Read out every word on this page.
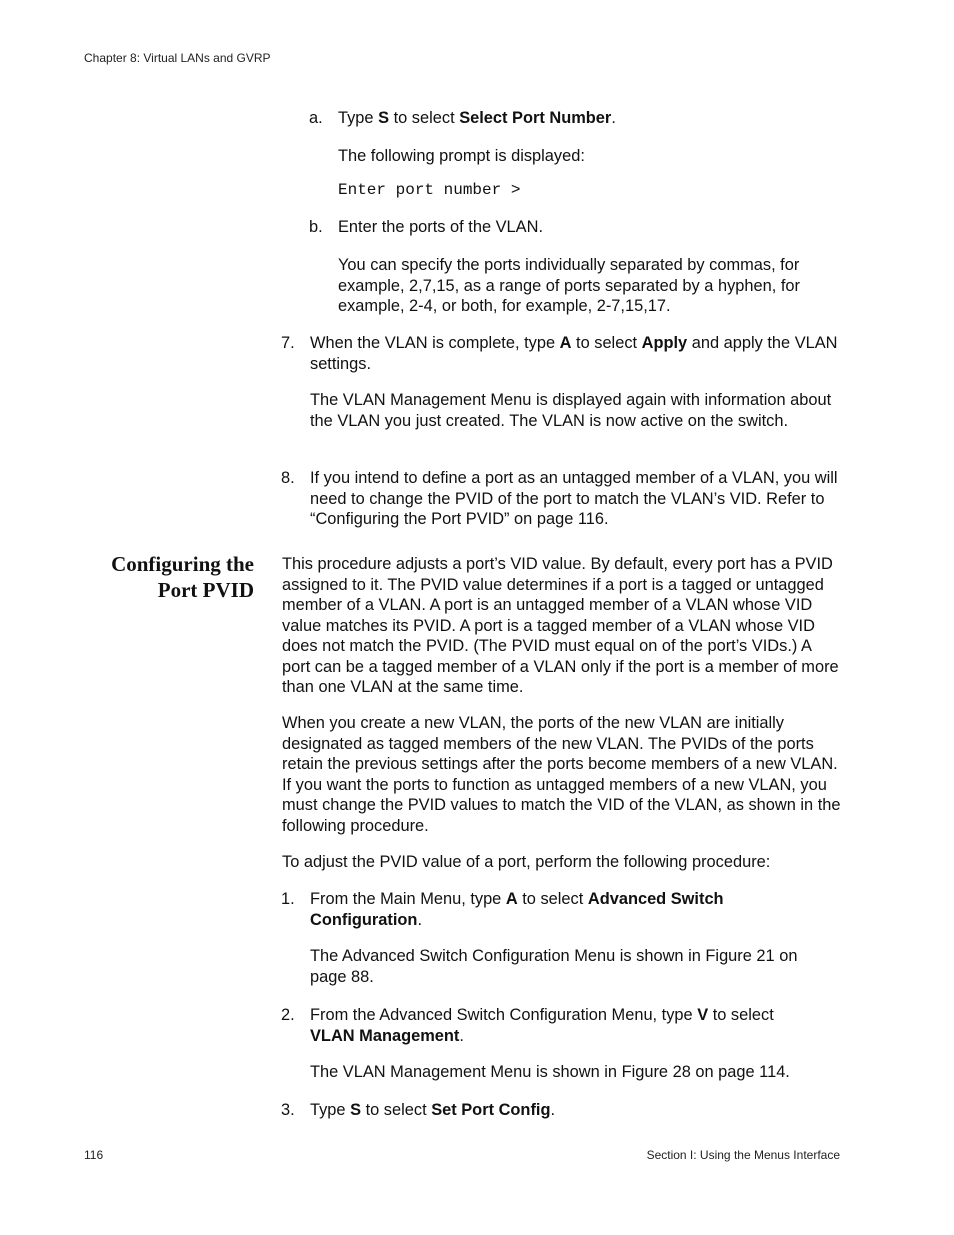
Chapter 8: Virtual LANs and GVRP
a. Type S to select Select Port Number.

The following prompt is displayed:

Enter port number >
b. Enter the ports of the VLAN.

You can specify the ports individually separated by commas, for example, 2,7,15, as a range of ports separated by a hyphen, for example, 2-4, or both, for example, 2-7,15,17.

7. When the VLAN is complete, type A to select Apply and apply the VLAN settings.

The VLAN Management Menu is displayed again with information about the VLAN you just created. The VLAN is now active on the switch.

8. If you intend to define a port as an untagged member of a VLAN, you will need to change the PVID of the port to match the VLAN’s VID. Refer to “Configuring the Port PVID” on page 116.

Configuring the
Port PVID

This procedure adjusts a port’s VID value. By default, every port has a PVID assigned to it. The PVID value determines if a port is a tagged or untagged member of a VLAN. A port is an untagged member of a VLAN whose VID value matches its PVID. A port is a tagged member of a VLAN whose VID does not match the PVID. (The PVID must equal on of the port’s VIDs.) A port can be a tagged member of a VLAN only if the port is a member of more than one VLAN at the same time.

When you create a new VLAN, the ports of the new VLAN are initially designated as tagged members of the new VLAN. The PVIDs of the ports retain the previous settings after the ports become members of a new VLAN. If you want the ports to function as untagged members of a new VLAN, you must change the PVID values to match the VID of the VLAN, as shown in the following procedure.

To adjust the PVID value of a port, perform the following procedure:

1. From the Main Menu, type A to select Advanced Switch Configuration.

The Advanced Switch Configuration Menu is shown in Figure 21 on page 88.

2. From the Advanced Switch Configuration Menu, type V to select VLAN Management.

The VLAN Management Menu is shown in Figure 28 on page 114.

3. Type S to select Set Port Config.

116	Section I: Using the Menus Interface
